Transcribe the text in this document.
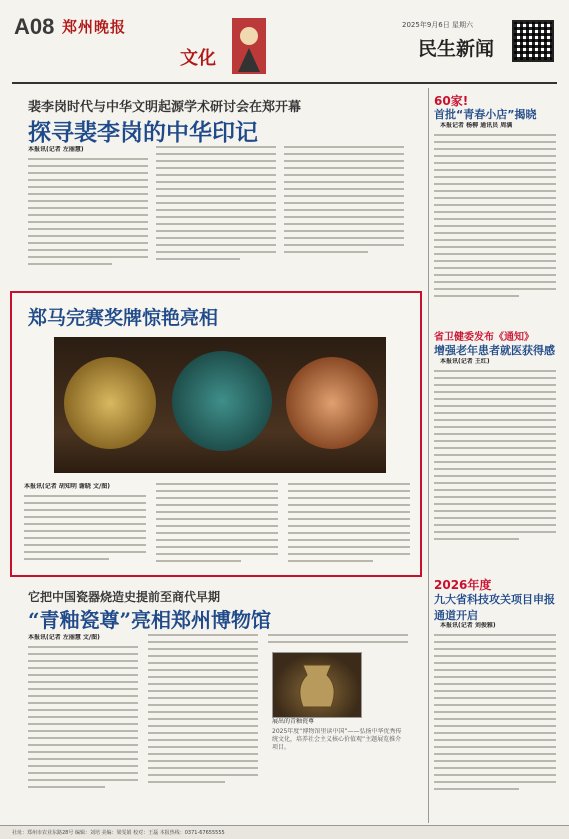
A08 郑州晚报
文化
2025年9月6日 星期六
民生新闻
裴李岗时代与中华文明起源学术研讨会在郑开幕
探寻裴李岗的中华印记
本报讯(记者 左丽慧)
郑马完赛奖牌惊艳亮相
本报讯(记者 胡知明 谢晓 文/图)
它把中国瓷器烧造史提前至商代早期
“青釉瓷尊”亮相郑州博物馆
本报讯(记者 左丽慧 文/图)
展出的青釉瓷尊
2025年度“博物馆里读中国”——弘扬中华优秀传统文化，培养社会主义核心价值观”主题展览推介项目。
60家!
首批“青春小店”揭晓
本报记者 杨柳 通讯员 周满
省卫健委发布《通知》
增强老年患者就医获得感
本报讯(记者 王红)
2026年度
九大省科技攻关项目申报通道开启
本报讯(记者 刘俊雅)
社址：郑州市农业东路28号 编辑：刘培 美编：梁雯娟 校对：王磊 本报热线：0371-67655555
